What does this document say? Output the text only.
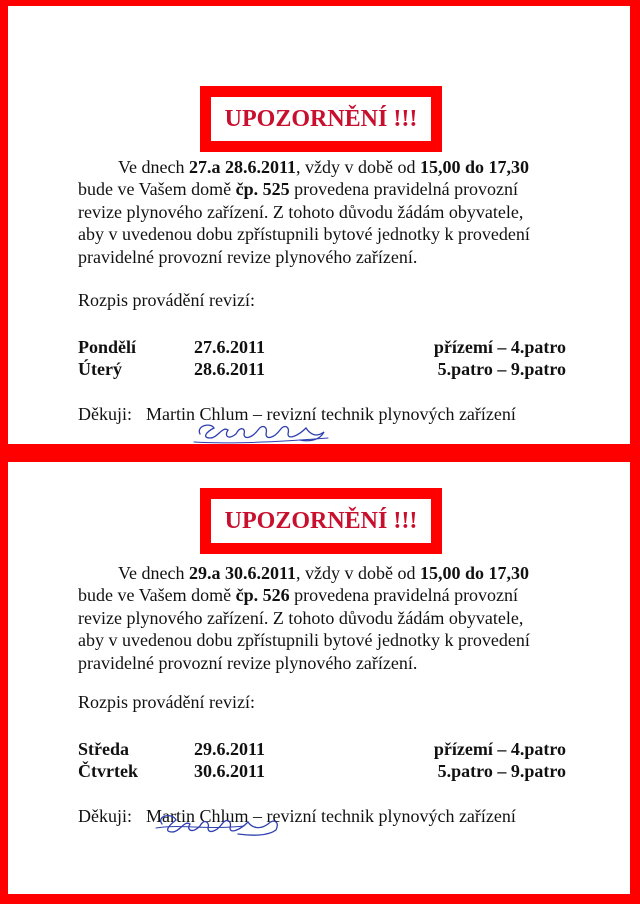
UPOZORNĚNÍ !!!
Ve dnech 27.a 28.6.2011, vždy v době od 15,00 do 17,30
bude ve Vašem domě čp. 525 provedena pravidelná provozní
revize plynového zařízení. Z tohoto důvodu žádám obyvatele,
aby v uvedenou dobu zpřístupnili bytové jednotky k provedení
pravidelné provozní revize plynového zařízení.
Rozpis provádění revizí:
Pondělí	27.6.2011	přízemí – 4.patro
Úterý	28.6.2011	5.patro – 9.patro
Děkuji: Martin Chlum – revizní technik plynových zařízení
UPOZORNĚNÍ !!!
Ve dnech 29.a 30.6.2011, vždy v době od 15,00 do 17,30
bude ve Vašem domě čp. 526 provedena pravidelná provozní
revize plynového zařízení. Z tohoto důvodu žádám obyvatele,
aby v uvedenou dobu zpřístupnili bytové jednotky k provedení
pravidelné provozní revize plynového zařízení.
Rozpis provádění revizí:
Středa	29.6.2011	přízemí – 4.patro
Čtvrtek	30.6.2011	5.patro – 9.patro
Děkuji: Martin Chlum – revizní technik plynových zařízení
